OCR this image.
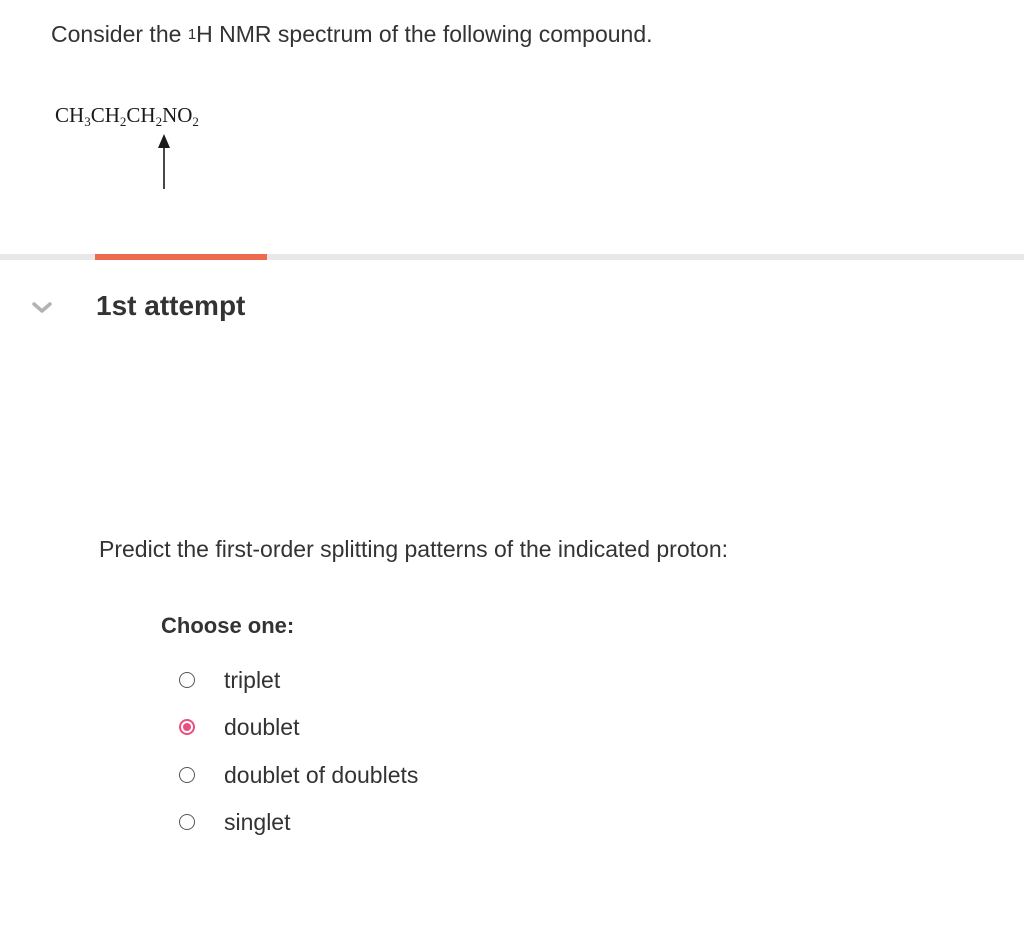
Consider the $^1$H NMR spectrum of the following compound.
$CH_3CH_2CH_2NO_2$
1st attempt
Predict the first-order splitting patterns of the indicated proton:
Choose one:
triplet
doublet
doublet of doublets
singlet
